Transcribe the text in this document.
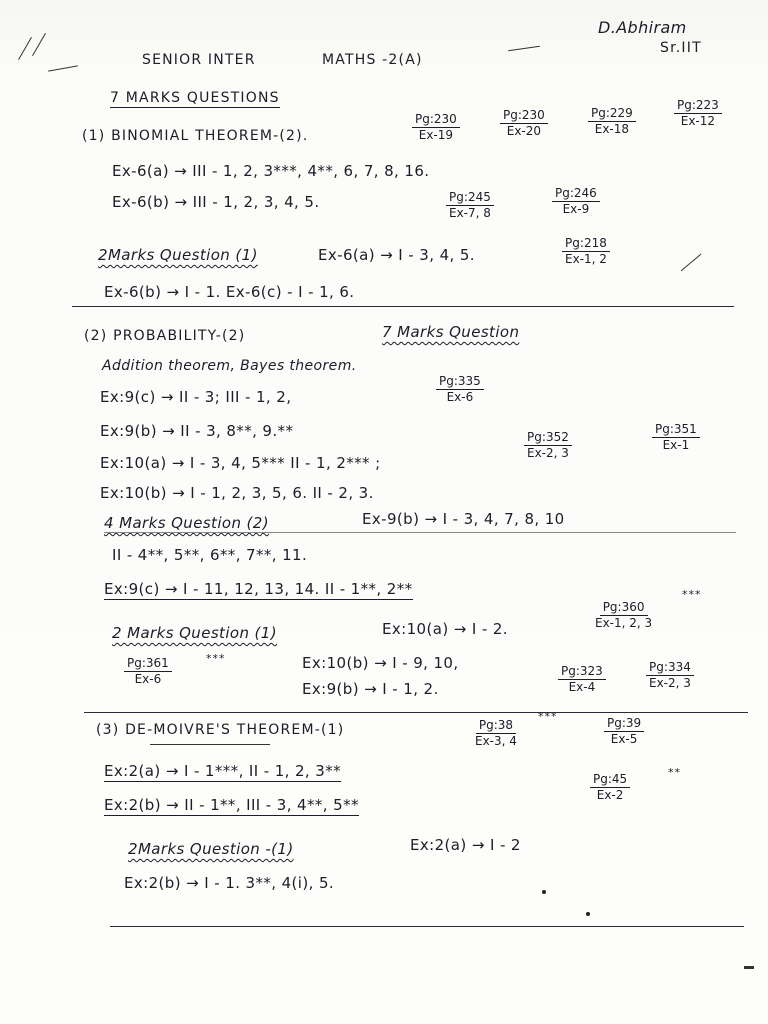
D.Abhiram
Sr.IIT
SENIOR INTER	MATHS -2(A)
7 MARKS QUESTIONS
(1) BINOMIAL THEOREM-(2).	$\frac{Pg:230}{Ex-19}$	$\frac{Pg:230}{Ex-20}$	$\frac{Pg:229}{Ex-18}$	$\frac{Pg:223}{Ex-12}$
Ex-6(a) → III - 1, 2, 3***, 4**, 6, 7, 8, 16.
Ex-6(b) → III - 1, 2, 3, 4, 5.	$\frac{Pg:245}{Ex-7, 8}$	$\frac{Pg:246}{Ex-9}$
2Marks Question (1)	Ex-6(a) → I - 3, 4, 5.	$\frac{Pg:218}{Ex-1, 2}$
Ex-6(b) → I - 1. Ex-6(c) - I - 1, 6.
(2) PROBABILITY-(2)	7 Marks Question
Addition theorem, Bayes theorem.
Ex:9(c) → II - 3; III - 1, 2,	$\frac{Pg:335}{Ex-6}$
Ex:9(b) → II - 3, 8**, 9.**
Ex:10(a) → I - 3, 4, 5*** II - 1, 2*** ;
$\frac{Pg:352}{Ex-2, 3}$	$\frac{Pg:351}{Ex-1}$
Ex:10(b) → I - 1, 2, 3, 5, 6. II - 2, 3.
4 Marks Question (2)	Ex-9(b) → I - 3, 4, 7, 8, 10
II - 4**, 5**, 6**, 7**, 11.
Ex:9(c) → I - 11, 12, 13, 14. II - 1**, 2**
2 Marks Question (1)	Ex:10(a) → I - 2.	$\frac{Pg:360}{Ex-1, 2, 3}$
***
$\frac{Pg:361}{Ex-6}$	***	Ex:10(b) → I - 9, 10,
Ex:9(b) → I - 1, 2.	$\frac{Pg:323}{Ex-4}$	$\frac{Pg:334}{Ex-2, 3}$
(3) DE-MOIVRE'S THEOREM-(1)	$\frac{Pg:38}{Ex-3, 4}$
***	$\frac{Pg:39}{Ex-5}$
Ex:2(a) → I - 1***, II - 1, 2, 3**
Ex:2(b) → II - 1**, III - 3, 4**, 5**
$\frac{Pg:45}{Ex-2}$	**
2Marks Question -(1)	Ex:2(a) → I - 2
Ex:2(b) → I - 1. 3**, 4(i), 5.
